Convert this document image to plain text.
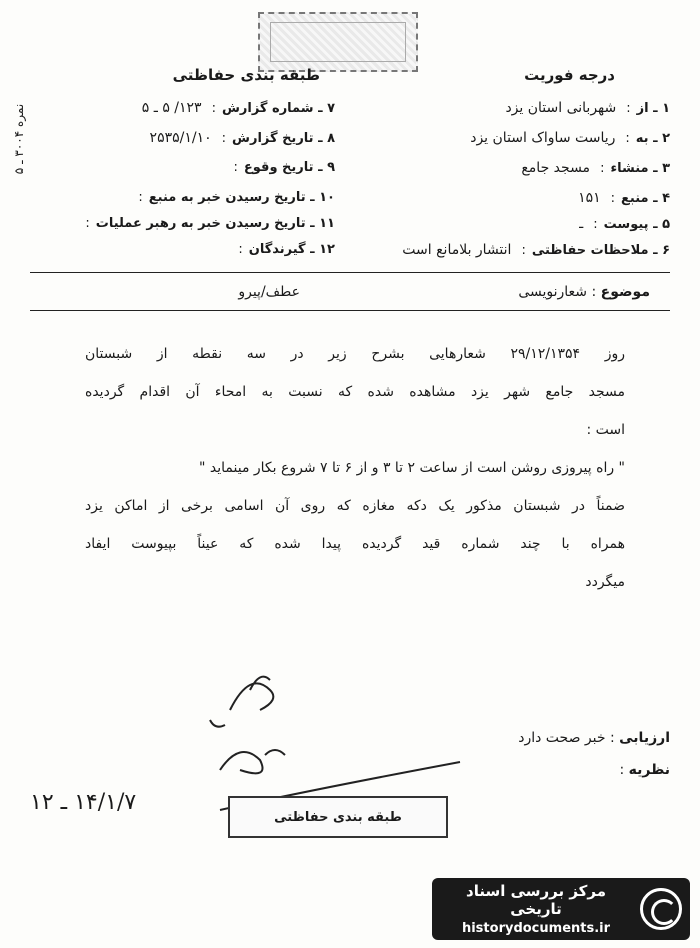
درجه فوریت
طبقه بندی حفاظتی
نمره ۳۰۰۴ ـ ۵	۱ ـ از
:
شهربانی استان یزد
۲ ـ به
:
ریاست ساواک استان یزد
۳ ـ منشاء
:
مسجد جامع
۴ ـ منبع
:
۱۵۱
۵ ـ پیوست
:
ـ
۶ ـ ملاحظات حفاظتی
:
انتشار بلامانع است
۷ ـ شماره گزارش
:
۱۲۳/ ۵ ـ ۵
۸ ـ تاریخ گزارش
:
۲۵۳۵/۱/۱۰
۹ ـ تاریخ وقوع
:
۱۰ ـ تاریخ رسیدن خبر به منبع
:
۱۱ ـ تاریخ رسیدن خبر به رهبر عملیات
:
۱۲ ـ گیرندگان
:
موضوع : شعارنویسی
عطف/پیرو

روز ۲۹/۱۲/۱۳۵۴ شعارهایی بشرح زیر در سه نقطه از شبستان

مسجد جامع شهر یزد مشاهده شده که نسبت به امحاء آن اقدام گردیده

است :

" راه پیروزی روشن است از ساعت ۲ تا ۳ و از ۶ تا ۷ شروع بکار مینماید "

ضمناً در شبستان مذکور یک دکه مغازه که روی آن اسامی برخی از اماکن یزد

همراه با چند شماره قید گردیده پیدا شده که عیناً بپیوست ایفاد

میگردد

ارزیابی : خبر صحت دارد
نظریه :
۱۴/۱/۷ ـ ۱۲
طبقه بندی حفاظتی
مرکز بررسی اسناد تاریخی
historydocuments.ir
